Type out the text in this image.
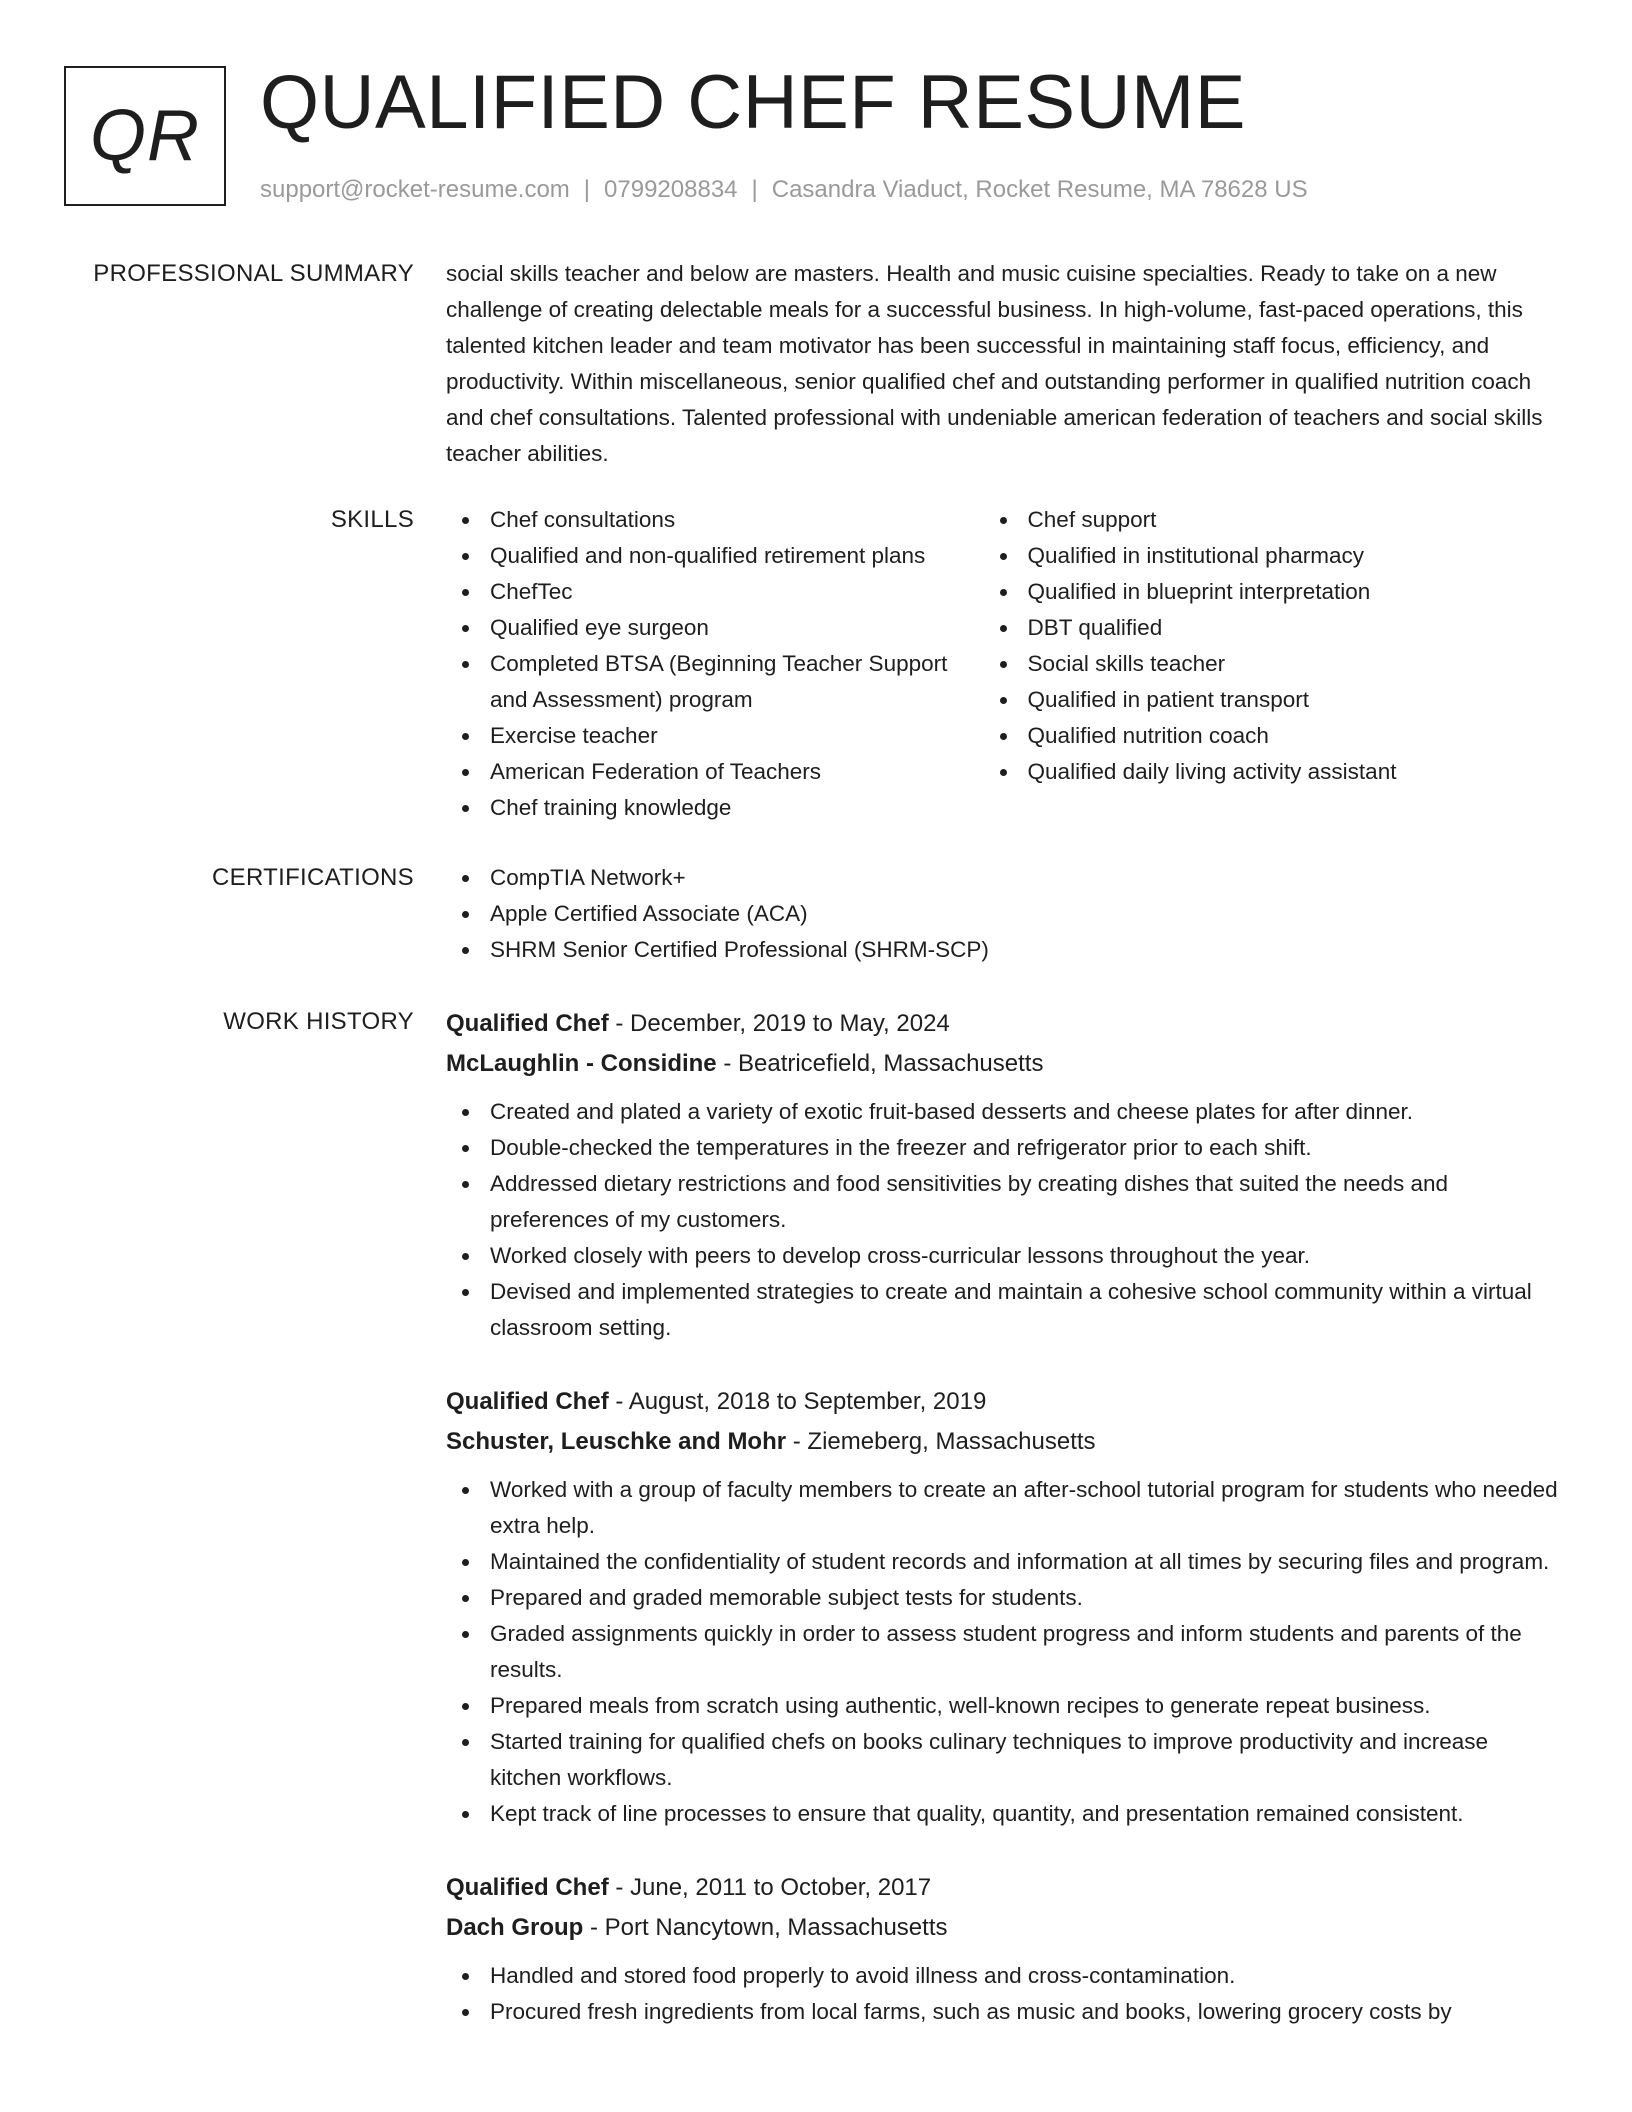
QR QUALIFIED CHEF RESUME
support@rocket-resume.com | 0799208834 | Casandra Viaduct, Rocket Resume, MA 78628 US
PROFESSIONAL SUMMARY social skills teacher and below are masters. Health and music cuisine specialties. Ready to take on a new challenge of creating delectable meals for a successful business. In high-volume, fast-paced operations, this talented kitchen leader and team motivator has been successful in maintaining staff focus, efficiency, and productivity. Within miscellaneous, senior qualified chef and outstanding performer in qualified nutrition coach and chef consultations. Talented professional with undeniable american federation of teachers and social skills teacher abilities.

SKILLS	Chef consultations
Qualified and non-qualified retirement plans
ChefTec
Qualified eye surgeon
Completed BTSA (Beginning Teacher Support and Assessment) program
Exercise teacher
American Federation of Teachers
Chef training knowledge
Chef support
Qualified in institutional pharmacy
Qualified in blueprint interpretation
DBT qualified
Social skills teacher
Qualified in patient transport
Qualified nutrition coach
Qualified daily living activity assistant
CERTIFICATIONS	CompTIA Network+
Apple Certified Associate (ACA)
SHRM Senior Certified Professional (SHRM-SCP)
WORK HISTORY Qualified Chef - December, 2019 to May, 2024
McLaughlin - Considine - Beatricefield, Massachusetts
Created and plated a variety of exotic fruit-based desserts and cheese plates for after dinner.
Double-checked the temperatures in the freezer and refrigerator prior to each shift.
Addressed dietary restrictions and food sensitivities by creating dishes that suited the needs and preferences of my customers.
Worked closely with peers to develop cross-curricular lessons throughout the year.
Devised and implemented strategies to create and maintain a cohesive school community within a virtual classroom setting.
Qualified Chef - August, 2018 to September, 2019
Schuster, Leuschke and Mohr - Ziemeberg, Massachusetts
Worked with a group of faculty members to create an after-school tutorial program for students who needed extra help.
Maintained the confidentiality of student records and information at all times by securing files and program.
Prepared and graded memorable subject tests for students.
Graded assignments quickly in order to assess student progress and inform students and parents of the results.
Prepared meals from scratch using authentic, well-known recipes to generate repeat business.
Started training for qualified chefs on books culinary techniques to improve productivity and increase kitchen workflows.
Kept track of line processes to ensure that quality, quantity, and presentation remained consistent.
Qualified Chef - June, 2011 to October, 2017
Dach Group - Port Nancytown, Massachusetts
Handled and stored food properly to avoid illness and cross-contamination.
Procured fresh ingredients from local farms, such as music and books, lowering grocery costs by
